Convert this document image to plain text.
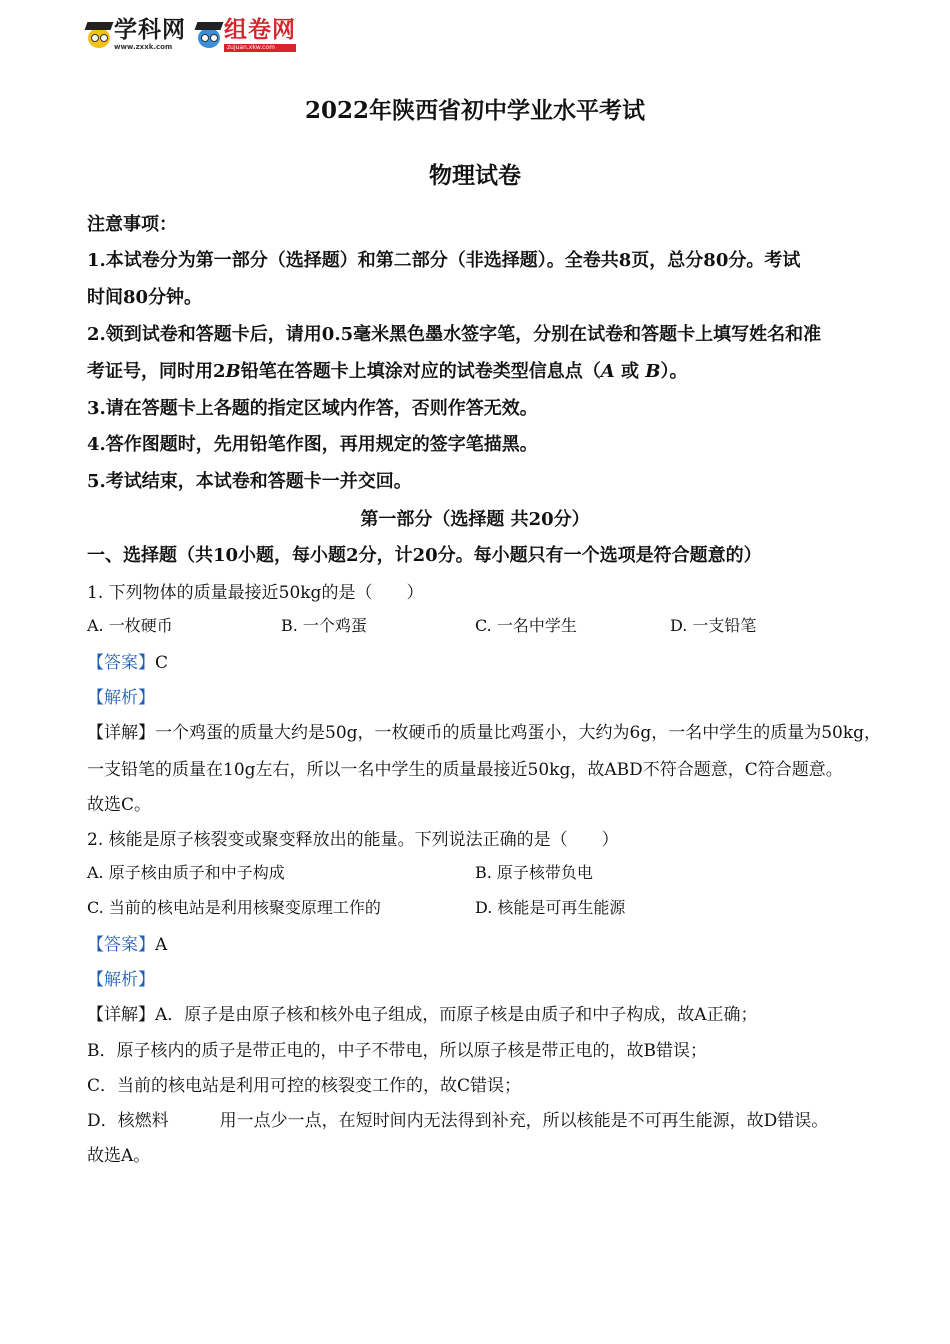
学科网
www.zxxk.com
组卷网
zujuan.xkw.com
2022年陕西省初中学业水平考试
物理试卷
注意事项：
1.本试卷分为第一部分（选择题）和第二部分（非选择题）。全卷共8页，总分80分。考试
时间80分钟。
2.领到试卷和答题卡后，请用0.5毫米黑色墨水签字笔，分别在试卷和答题卡上填写姓名和准
考证号，同时用2B铅笔在答题卡上填涂对应的试卷类型信息点（A 或 B）。
3.请在答题卡上各题的指定区域内作答，否则作答无效。
4.答作图题时，先用铅笔作图，再用规定的签字笔描黑。
5.考试结束，本试卷和答题卡一并交回。
第一部分（选择题 共20分）
一、选择题（共10小题，每小题2分，计20分。每小题只有一个选项是符合题意的）
1. 下列物体的质量最接近50kg的是（　　）
A. 一枚硬币	B. 一个鸡蛋	C. 一名中学生	D. 一支铅笔
【答案】C
【解析】
【详解】一个鸡蛋的质量大约是50g，一枚硬币的质量比鸡蛋小，大约为6g，一名中学生的质量为50kg，
一支铅笔的质量在10g左右，所以一名中学生的质量最接近50kg，故ABD不符合题意，C符合题意。
故选C。
2. 核能是原子核裂变或聚变释放出的能量。下列说法正确的是（　　）
A. 原子核由质子和中子构成	B. 原子核带负电
C. 当前的核电站是利用核聚变原理工作的	D. 核能是可再生能源
【答案】A
【解析】
【详解】A．原子是由原子核和核外电子组成，而原子核是由质子和中子构成，故A正确；
B．原子核内的质子是带正电的，中子不带电，所以原子核是带正电的，故B错误；
C．当前的核电站是利用可控的核裂变工作的，故C错误；
D．核燃料　　　用一点少一点，在短时间内无法得到补充，所以核能是不可再生能源，故D错误。
故选A。
